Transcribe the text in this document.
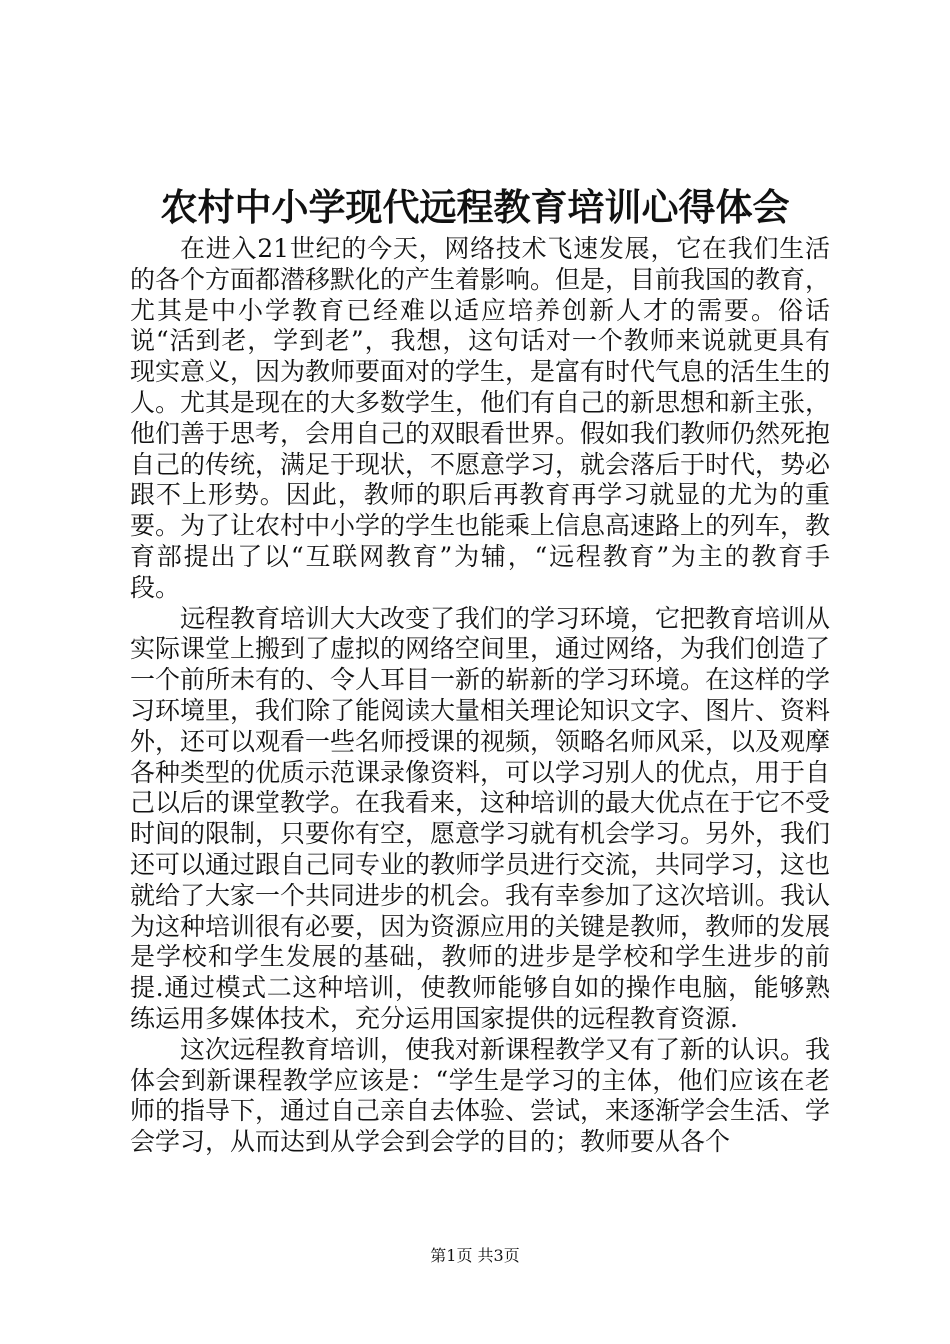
农村中小学现代远程教育培训心得体会

在进入21世纪的今天，网络技术飞速发展，它在我们生活的各个方面都潜移默化的产生着影响。但是，目前我国的教育，尤其是中小学教育已经难以适应培养创新人才的需要。俗话说“活到老，学到老”，我想，这句话对一个教师来说就更具有现实意义，因为教师要面对的学生，是富有时代气息的活生生的人。尤其是现在的大多数学生，他们有自己的新思想和新主张，他们善于思考，会用自己的双眼看世界。假如我们教师仍然死抱自己的传统，满足于现状，不愿意学习，就会落后于时代，势必跟不上形势。因此，教师的职后再教育再学习就显的尤为的重要。为了让农村中小学的学生也能乘上信息高速路上的列车，教育部提出了以“互联网教育”为辅，“远程教育”为主的教育手段。

远程教育培训大大改变了我们的学习环境，它把教育培训从实际课堂上搬到了虚拟的网络空间里，通过网络，为我们创造了一个前所未有的、令人耳目一新的崭新的学习环境。在这样的学习环境里，我们除了能阅读大量相关理论知识文字、图片、资料外，还可以观看一些名师授课的视频，领略名师风采，以及观摩各种类型的优质示范课录像资料，可以学习别人的优点，用于自己以后的课堂教学。在我看来，这种培训的最大优点在于它不受时间的限制，只要你有空，愿意学习就有机会学习。另外，我们还可以通过跟自己同专业的教师学员进行交流，共同学习，这也就给了大家一个共同进步的机会。我有幸参加了这次培训。我认为这种培训很有必要，因为资源应用的关键是教师，教师的发展是学校和学生发展的基础，教师的进步是学校和学生进步的前提.通过模式二这种培训，使教师能够自如的操作电脑，能够熟练运用多媒体技术，充分运用国家提供的远程教育资源.

这次远程教育培训，使我对新课程教学又有了新的认识。我体会到新课程教学应该是：“学生是学习的主体，他们应该在老师的指导下，通过自己亲自去体验、尝试，来逐渐学会生活、学会学习，从而达到从学会到会学的目的；教师要从各个

第1页 共3页
